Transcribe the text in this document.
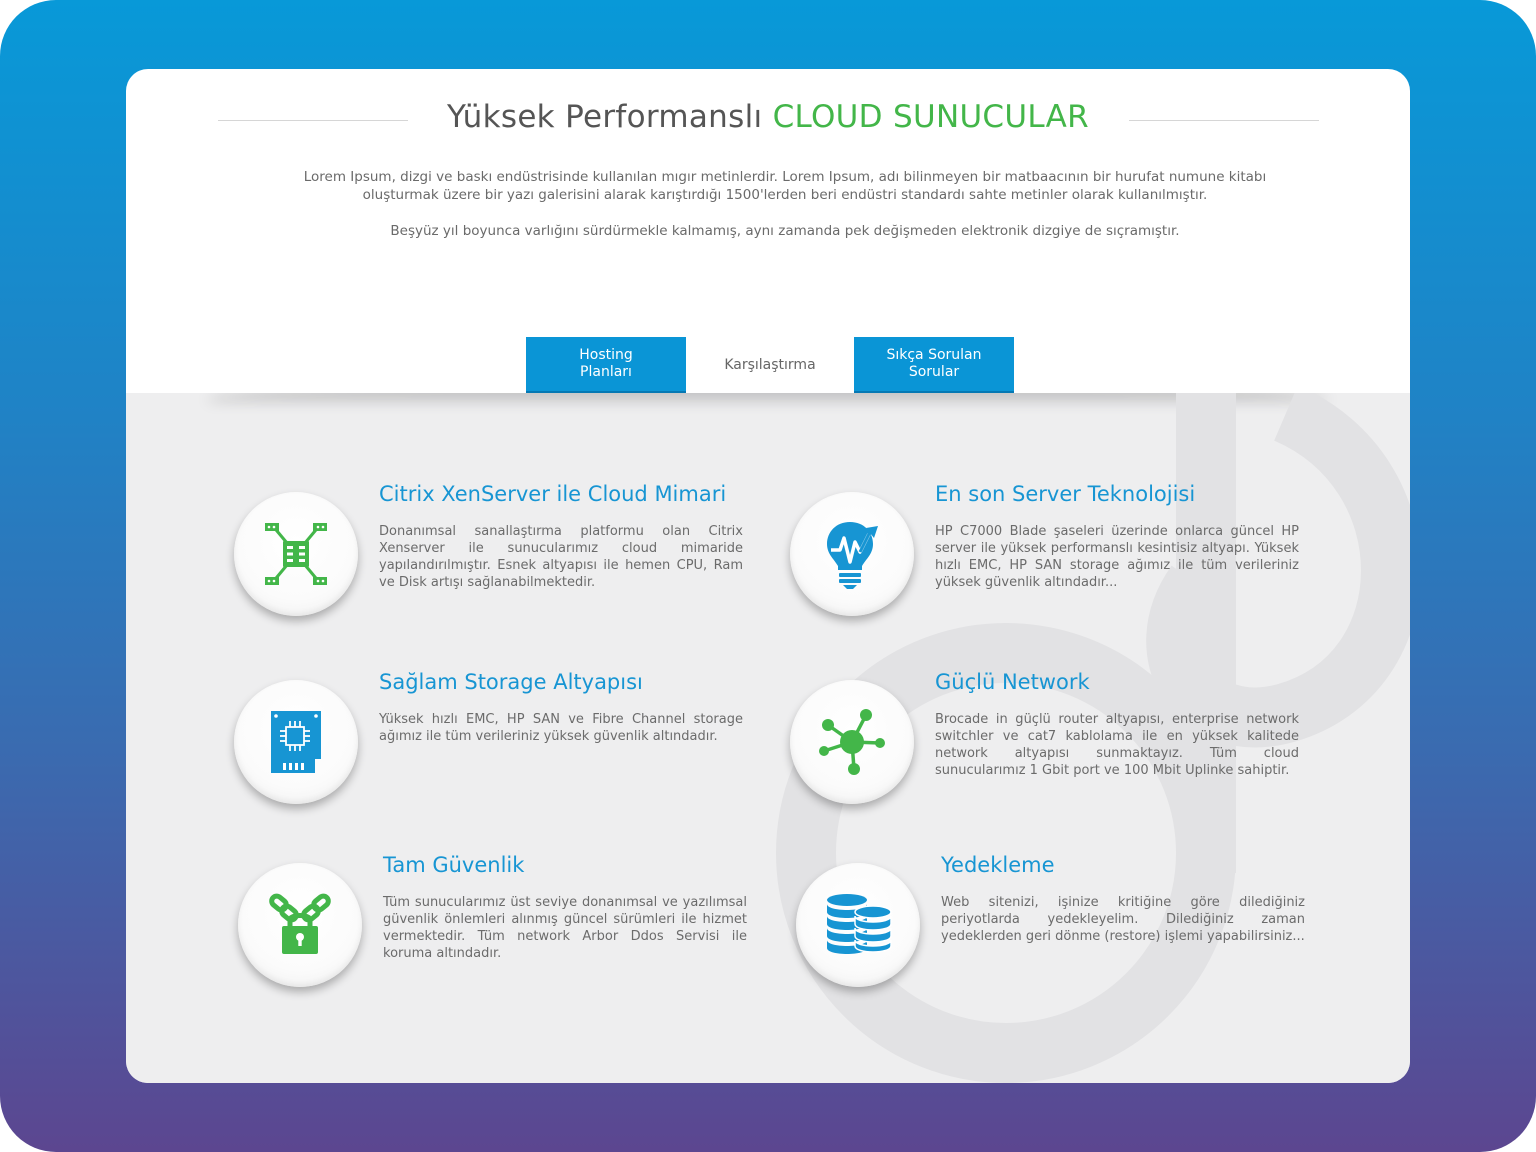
Yüksek Performanslı CLOUD SUNUCULAR

Lorem Ipsum, dizgi ve baskı endüstrisinde kullanılan mıgır metinlerdir. Lorem Ipsum, adı bilinmeyen bir matbaacının bir hurufat numune kitabı oluşturmak üzere bir yazı galerisini alarak karıştırdığı 1500'lerden beri endüstri standardı sahte metinler olarak kullanılmıştır.

Beşyüz yıl boyunca varlığını sürdürmekle kalmamış, aynı zamanda pek değişmeden elektronik dizgiye de sıçramıştır.

Hosting Planları	Karşılaştırma
Sıkça Sorulan Sorular
Citrix XenServer ile Cloud Mimari

Donanımsal sanallaştırma platformu olan Citrix Xenserver ile sunucularımız cloud mimaride yapılandırılmıştır. Esnek altyapısı ile hemen CPU, Ram ve Disk artışı sağlanabilmektedir.

En son Server Teknolojisi

HP C7000 Blade şaseleri üzerinde onlarca güncel HP server ile yüksek performanslı kesintisiz altyapı. Yüksek hızlı EMC, HP SAN storage ağımız ile tüm verileriniz yüksek güvenlik altındadır...

Sağlam Storage Altyapısı

Yüksek hızlı EMC, HP SAN ve Fibre Channel storage ağımız ile tüm verileriniz yüksek güvenlik altındadır.

Güçlü Network

Brocade in güçlü router altyapısı, enterprise network switchler ve cat7 kablolama ile en yüksek kalitede network altyapısı sunmaktayız. Tüm cloud sunucularımız 1 Gbit port ve 100 Mbit Uplinke sahiptir.

Tam Güvenlik

Tüm sunucularımız üst seviye donanımsal ve yazılımsal güvenlik önlemleri alınmış güncel sürümleri ile hizmet vermektedir. Tüm network Arbor Ddos Servisi ile koruma altındadır.

Yedekleme

Web sitenizi, işinize kritiğine göre dilediğiniz periyotlarda yedekleyelim. Dilediğiniz zaman yedeklerden geri dönme (restore) işlemi yapabilirsiniz...
